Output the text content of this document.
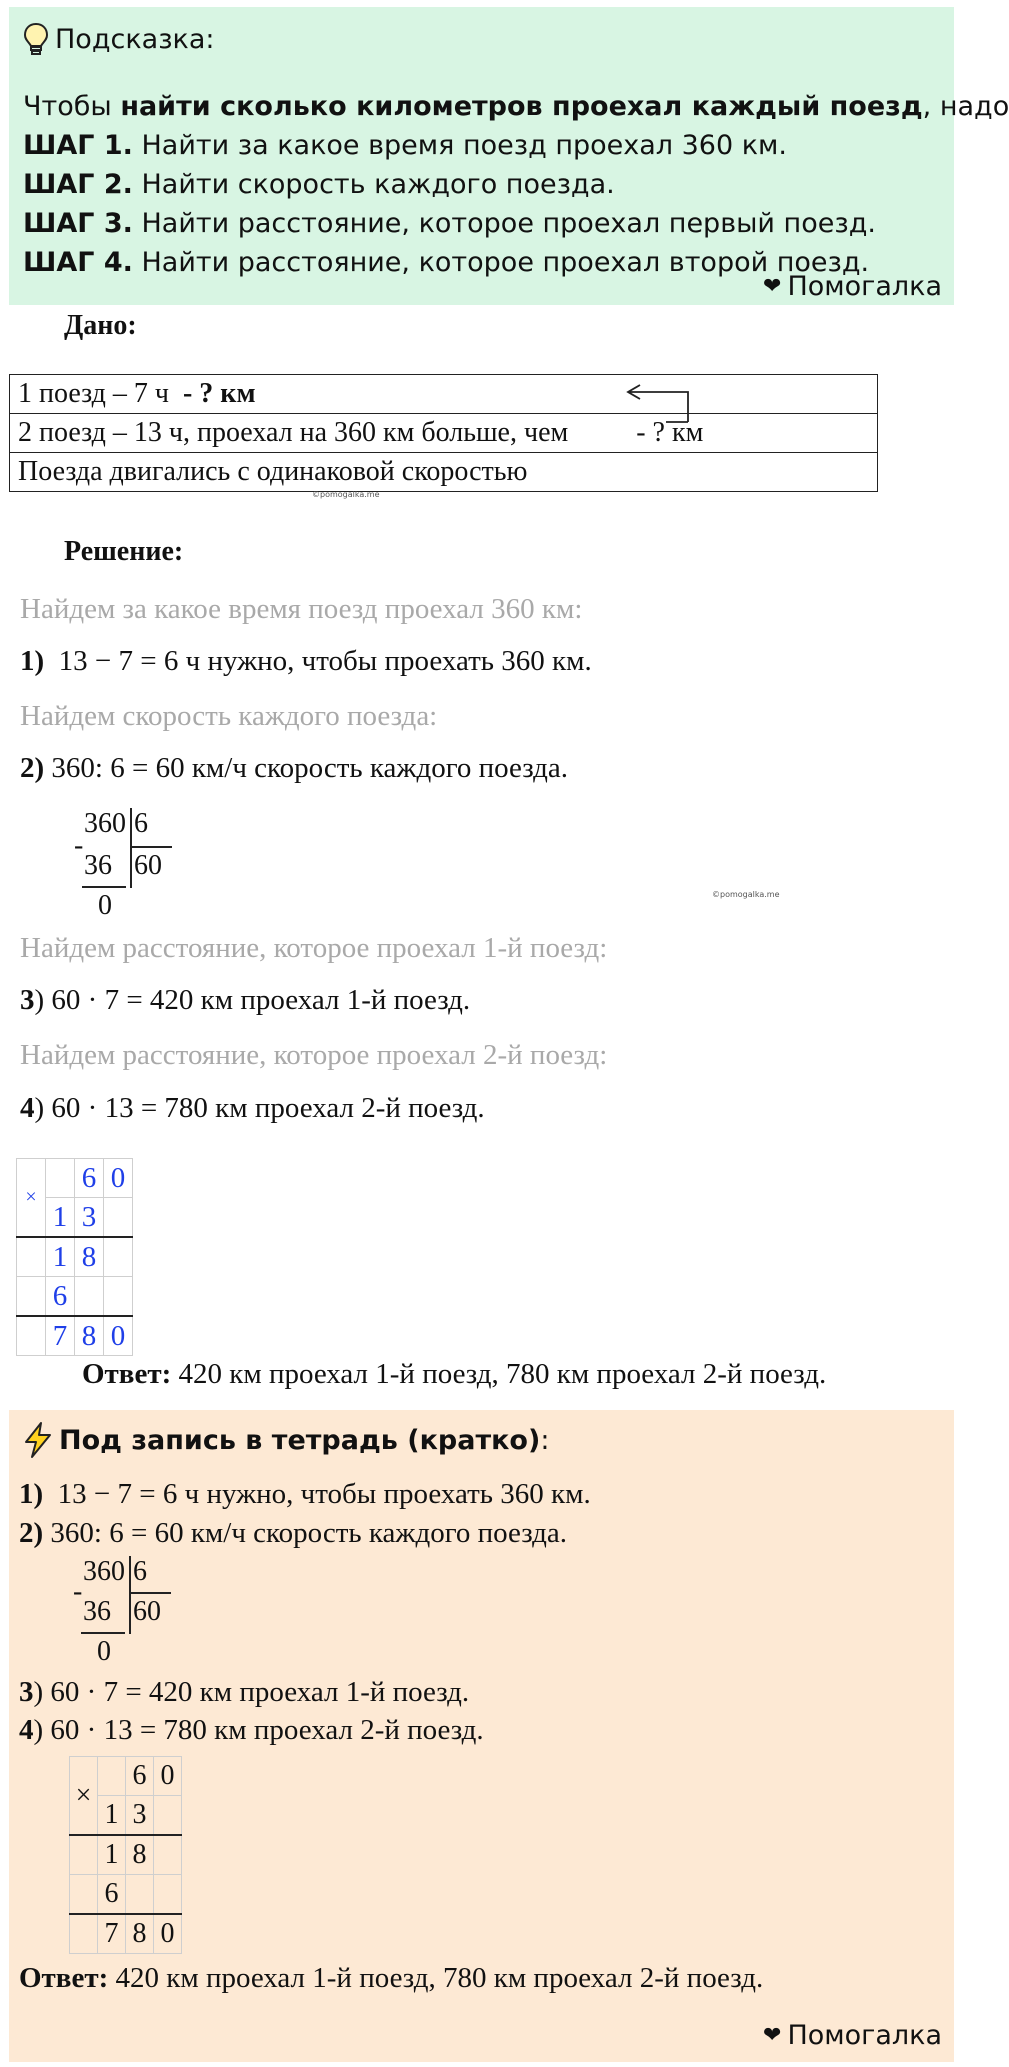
Подсказка:
Чтобы найти сколько километров проехал каждый поезд, надо
ШАГ 1. Найти за какое время поезд проехал 360 км.
ШАГ 2. Найти скорость каждого поезда.
ШАГ 3. Найти расстояние, которое проехал первый поезд.
ШАГ 4. Найти расстояние, которое проехал второй поезд.
❤ Помогалка
Дано:
1 поезд – 7 ч - ? км
2 поезд – 13 ч, проехал на 360 км больше, чем - ? км
Поезда двигались с одинаковой скоростью
©pomogalka.me
Решение:
Найдем за какое время поезд проехал 360 км:
1) 13 − 7 = 6 ч нужно, чтобы проехать 360 км.
Найдем скорость каждого поезда:
2) 360: 6 = 60 км/ч скорость каждого поезда.
360 6
-
36 60
0	©pomogalka.me
Найдем расстояние, которое проехал 1-й поезд:
3) 60 · 7 = 420 км проехал 1-й поезд.
Найдем расстояние, которое проехал 2-й поезд:
4) 60 · 13 = 780 км проехал 2-й поезд.
×		6	0
	1	3	
	1	8	
	6		
	7	8	0
Ответ: 420 км проехал 1-й поезд, 780 км проехал 2-й поезд.
Под запись в тетрадь (кратко) :
1) 13 − 7 = 6 ч нужно, чтобы проехать 360 км.
2) 360: 6 = 60 км/ч скорость каждого поезда.
360 6
-
36 60
0
3) 60 · 7 = 420 км проехал 1-й поезд.
4) 60 · 13 = 780 км проехал 2-й поезд.
×		6	0
	1	3	
	1	8	
	6		
	7	8	0
Ответ: 420 км проехал 1-й поезд, 780 км проехал 2-й поезд.
❤ Помогалка
